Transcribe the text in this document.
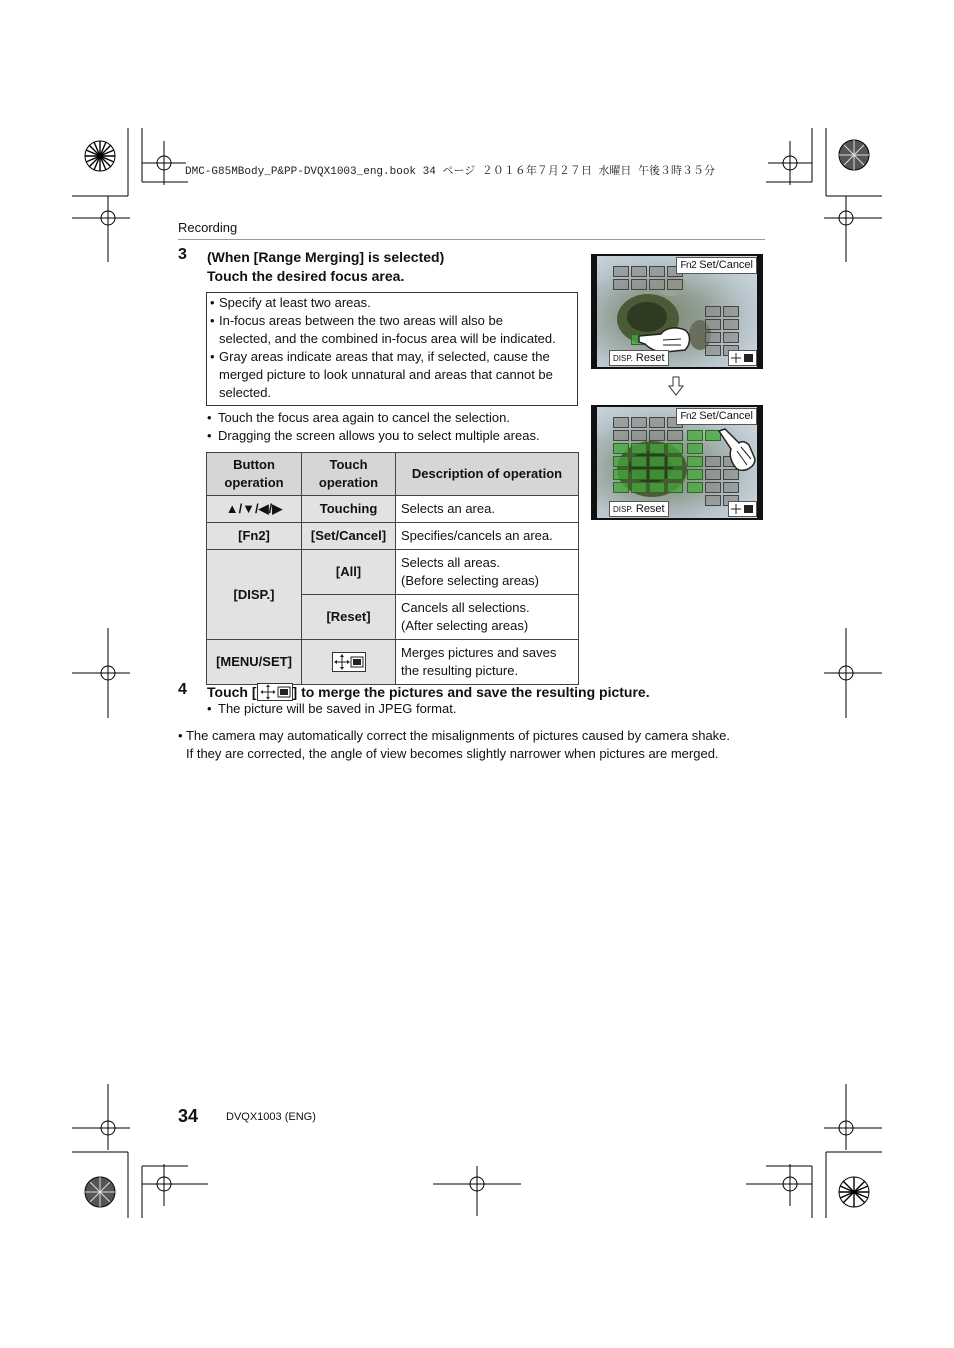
DMC-G85MBody_P&PP-DVQX1003_eng.book 34 ページ ２０１６年７月２７日 水曜日 午後３時３５分
Recording
3 (When [Range Merging] is selected)
Touch the desired focus area.
• Specify at least two areas.
• In-focus areas between the two areas will also be
selected, and the combined in-focus area will be indicated.
• Gray areas indicate areas that may, if selected, cause the
merged picture to look unnatural and areas that cannot be
selected.
• Touch the focus area again to cancel the selection.
• Dragging the screen allows you to select multiple areas.
Button
operation	Touch
operation	Description of operation
▲/▼/◀/▶	Touching	Selects an area.
[Fn2]	[Set/Cancel]	Specifies/cancels an area.
[DISP.]	[All]	Selects all areas.
(Before selecting areas)
	[Reset]	Cancels all selections.
(After selecting areas)
[MENU/SET]		Merges pictures and saves
the resulting picture.
Fn2 Set/Cancel
DISP. Reset
Fn2 Set/Cancel
DISP. Reset
4 Touch [	] to merge the pictures and save the resulting picture.
• The picture will be saved in JPEG format.
• The camera may automatically correct the misalignments of pictures caused by camera shake.
If they are corrected, the angle of view becomes slightly narrower when pictures are merged.
34	DVQX1003 (ENG)
